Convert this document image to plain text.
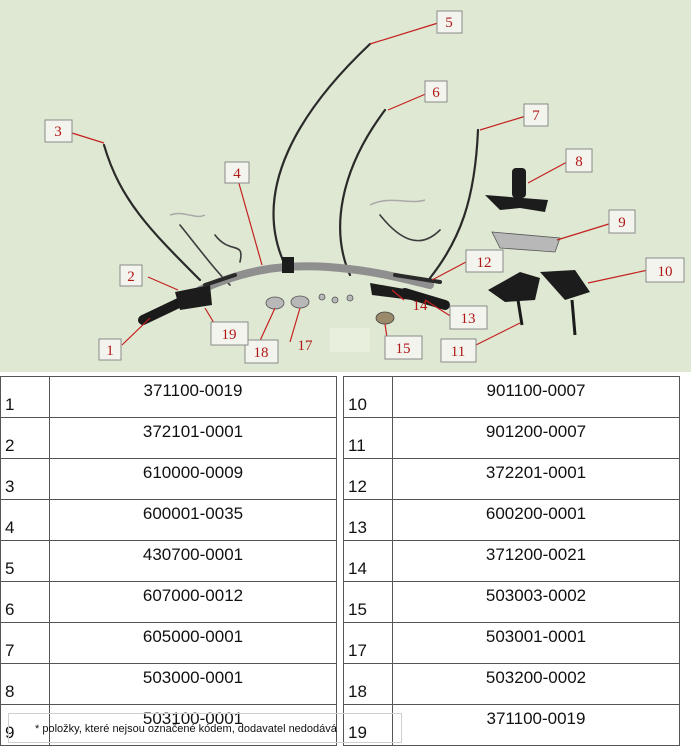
1
2
3
4
5
6
7
8
9
10
11
12
13
14
15
17
18
19
1	371100-0019		10	901100-0007
2	372101-0001		11	901200-0007
3	610000-0009		12	372201-0001
4	600001-0035		13	600200-0001
5	430700-0001		14	371200-0021
6	607000-0012		15	503003-0002
7	605000-0001		17	503001-0001
8	503000-0001		18	503200-0002
9	503100-0001		19	371100-0019
* položky, které nejsou označené kódem, dodavatel nedodává
